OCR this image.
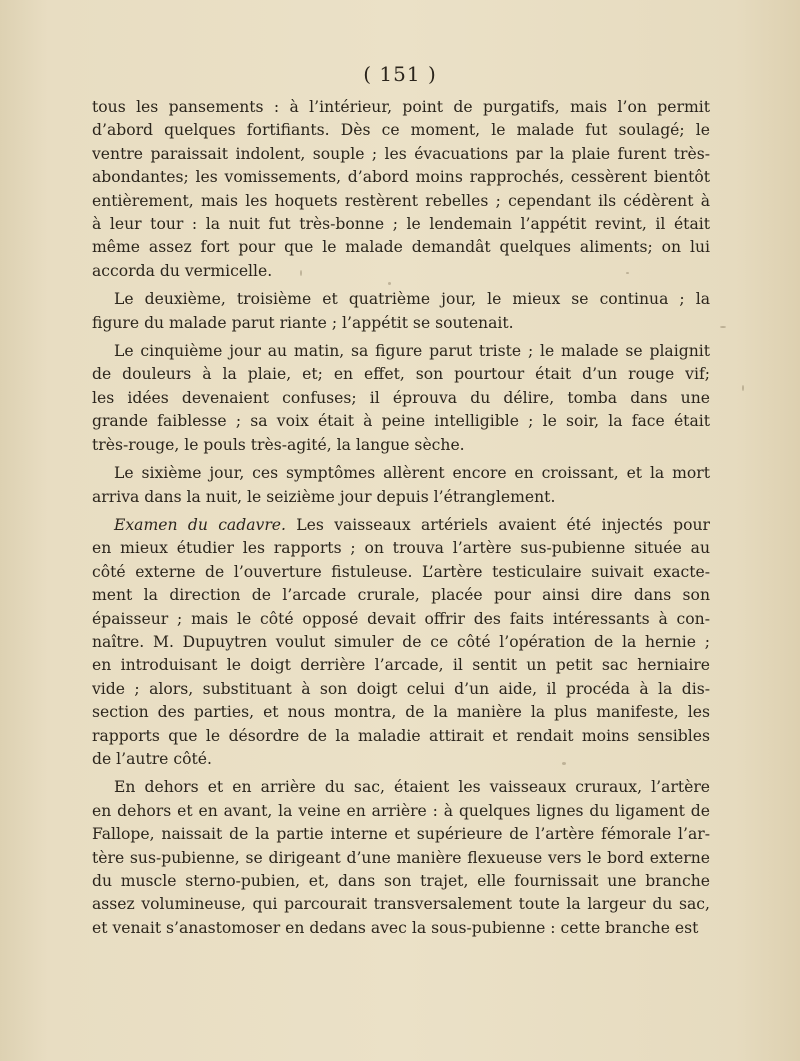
( 151 )
tous les pansements : à l’intérieur, point de purgatifs, mais l’on permit
d’abord quelques fortifiants. Dès ce moment, le malade fut soulagé; le
ventre paraissait indolent, souple ; les évacuations par la plaie furent très-
abondantes; les vomissements, d’abord moins rapprochés, cessèrent bientôt
entièrement, mais les hoquets restèrent rebelles ; cependant ils cédèrent à
à leur tour : la nuit fut très-bonne ; le lendemain l’appétit revint, il était
même assez fort pour que le malade demandât quelques aliments; on lui
accorda du vermicelle.
Le deuxième, troisième et quatrième jour, le mieux se continua ; la
figure du malade parut riante ; l’appétit se soutenait.
Le cinquième jour au matin, sa figure parut triste ; le malade se plaignit
de douleurs à la plaie, et; en effet, son pourtour était d’un rouge vif;
les idées devenaient confuses; il éprouva du délire, tomba dans une
grande faiblesse ; sa voix était à peine intelligible ; le soir, la face était
très-rouge, le pouls très-agité, la langue sèche.
Le sixième jour, ces symptômes allèrent encore en croissant, et la mort
arriva dans la nuit, le seizième jour depuis l’étranglement.
Examen du cadavre. Les vaisseaux artériels avaient été injectés pour
en mieux étudier les rapports ; on trouva l’artère sus-pubienne située au
côté externe de l’ouverture fistuleuse. L’artère testiculaire suivait exacte-
ment la direction de l’arcade crurale, placée pour ainsi dire dans son
épaisseur ; mais le côté opposé devait offrir des faits intéressants à con-
naître. M. Dupuytren voulut simuler de ce côté l’opération de la hernie ;
en introduisant le doigt derrière l’arcade, il sentit un petit sac herniaire
vide ; alors, substituant à son doigt celui d’un aide, il procéda à la dis-
section des parties, et nous montra, de la manière la plus manifeste, les
rapports que le désordre de la maladie attirait et rendait moins sensibles
de l’autre côté.
En dehors et en arrière du sac, étaient les vaisseaux cruraux, l’artère
en dehors et en avant, la veine en arrière : à quelques lignes du ligament de
Fallope, naissait de la partie interne et supérieure de l’artère fémorale l’ar-
tère sus-pubienne, se dirigeant d’une manière flexueuse vers le bord externe
du muscle sterno-pubien, et, dans son trajet, elle fournissait une branche
assez volumineuse, qui parcourait transversalement toute la largeur du sac,
et venait s’anastomoser en dedans avec la sous-pubienne : cette branche est
